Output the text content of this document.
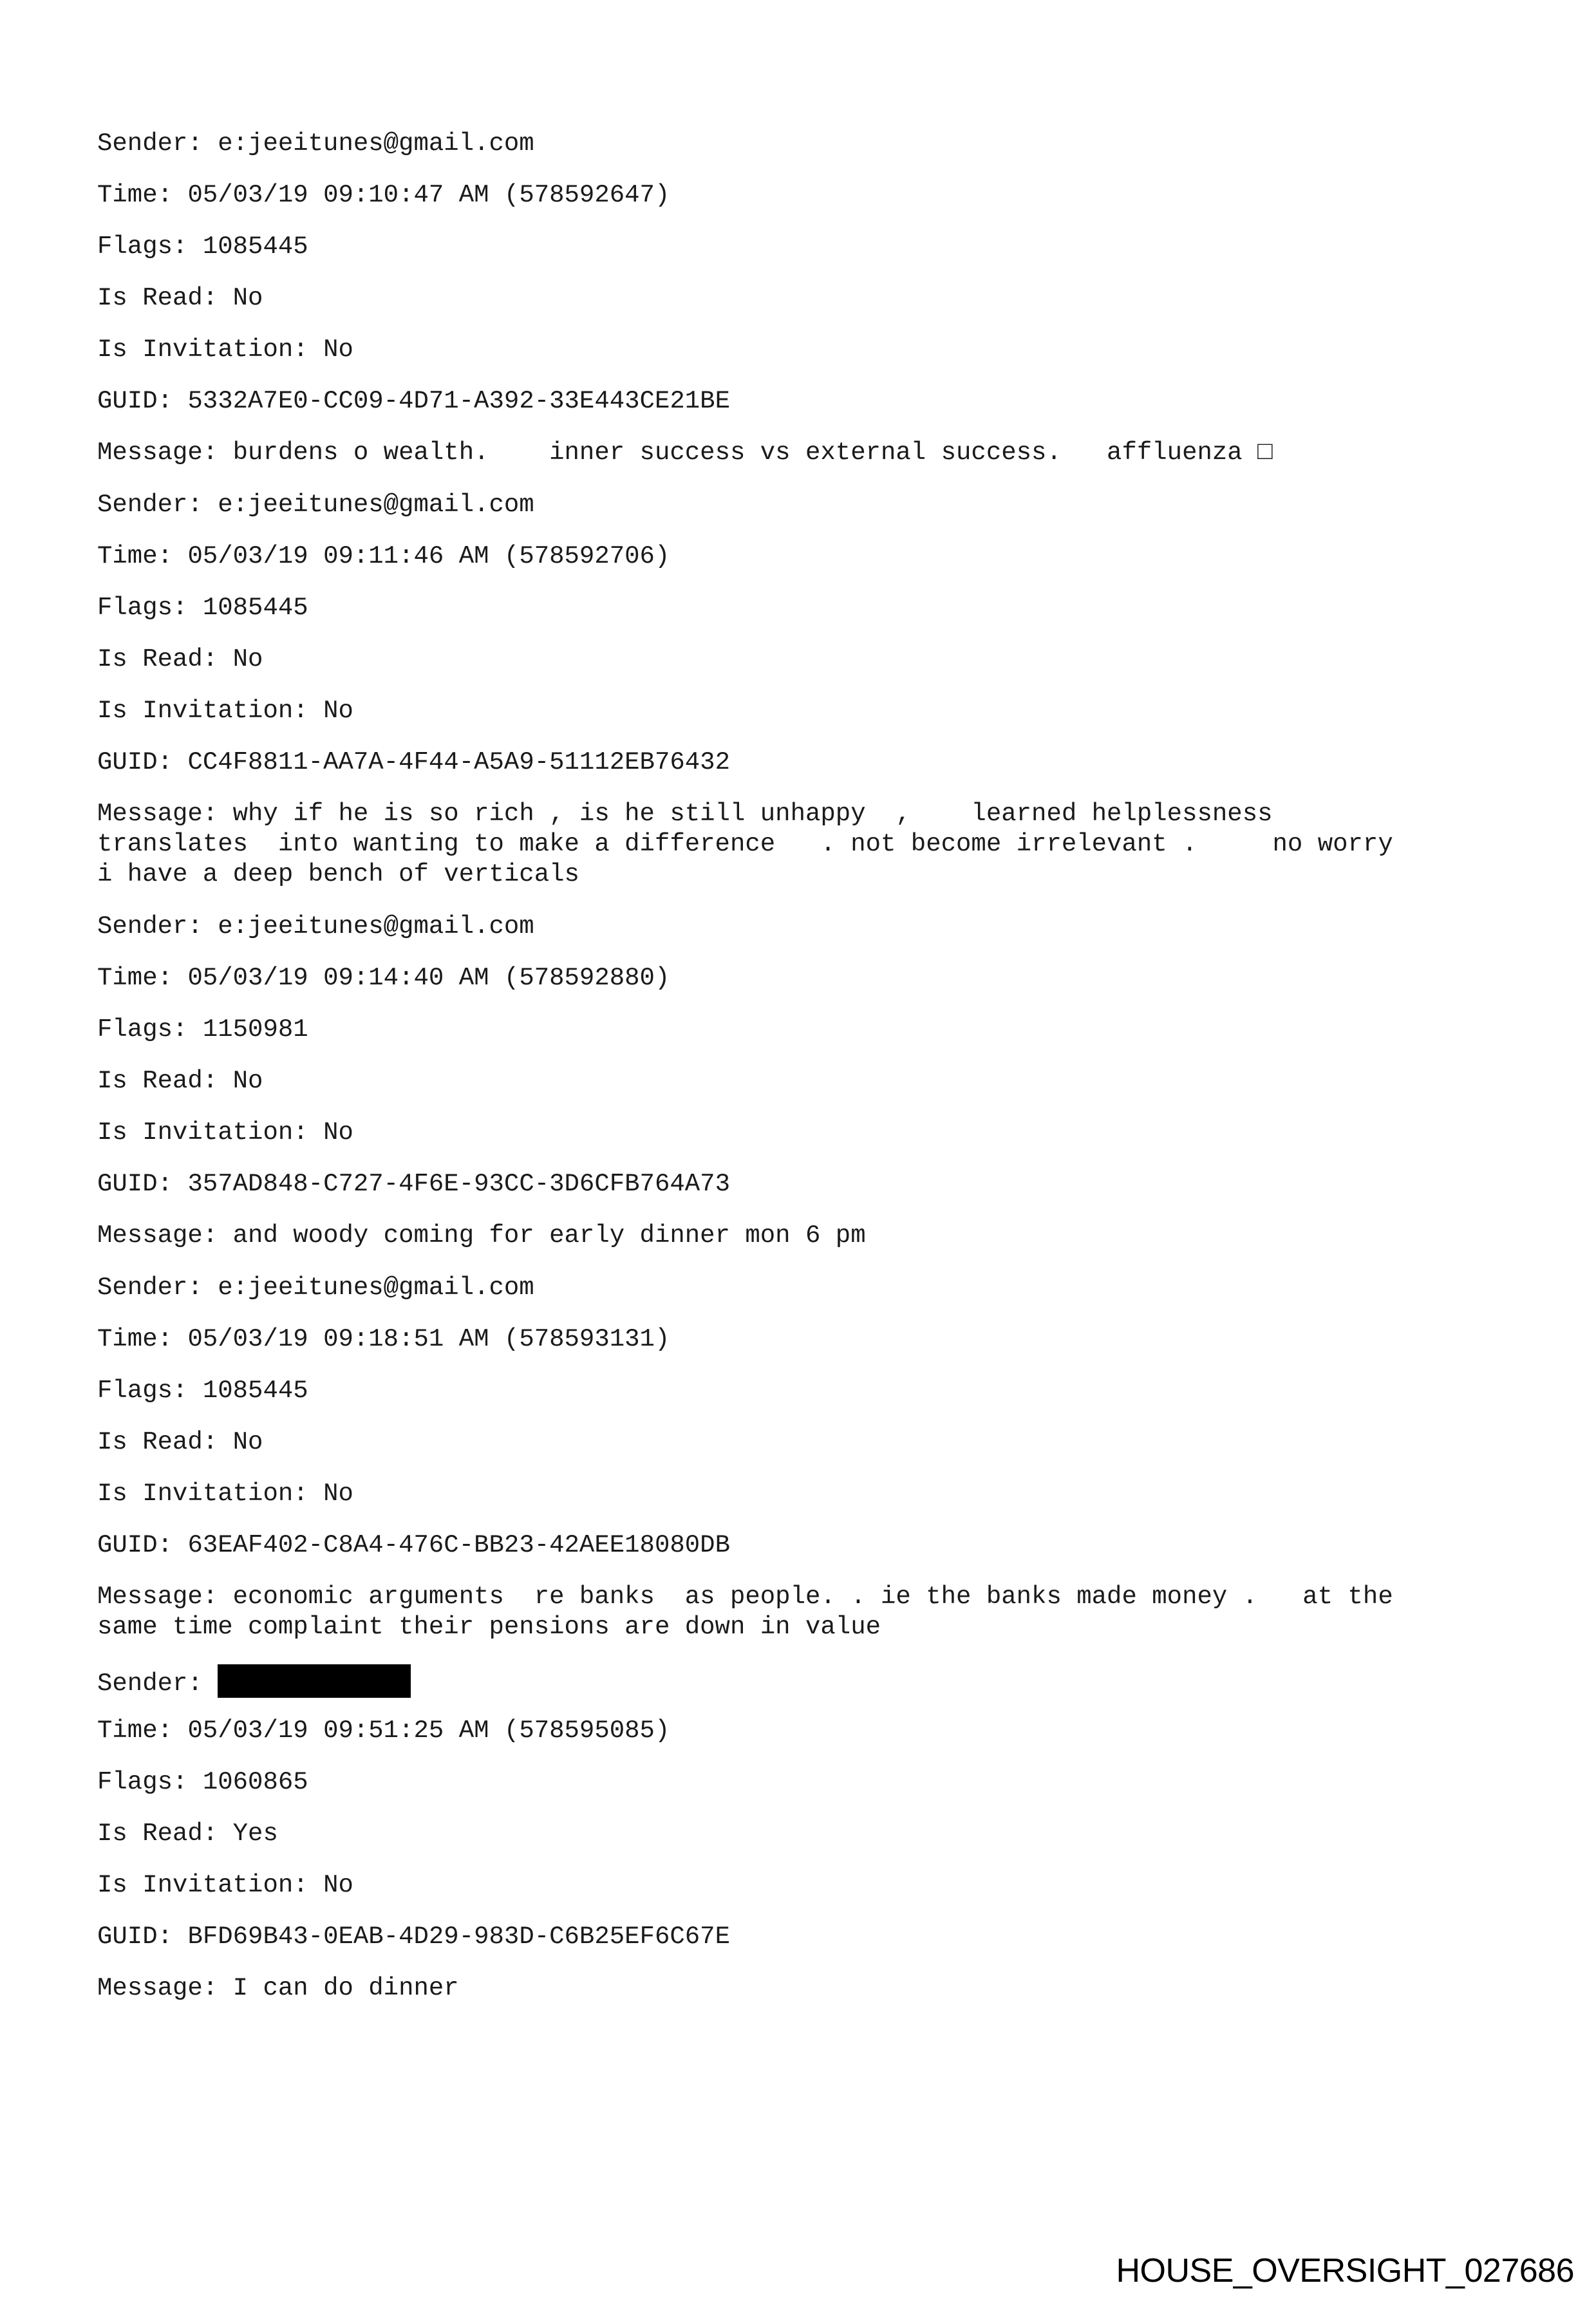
Sender: e:jeeitunes@gmail.com
Time: 05/03/19 09:10:47 AM (578592647)
Flags: 1085445
Is Read: No
Is Invitation: No
GUID: 5332A7E0-CC09-4D71-A392-33E443CE21BE
Message: burdens o wealth.    inner success vs external success.   affluenza □
Sender: e:jeeitunes@gmail.com
Time: 05/03/19 09:11:46 AM (578592706)
Flags: 1085445
Is Read: No
Is Invitation: No
GUID: CC4F8811-AA7A-4F44-A5A9-51112EB76432
Message: why if he is so rich , is he still unhappy  ,    learned helplessness
translates  into wanting to make a difference   . not become irrelevant .     no worry
i have a deep bench of verticals
Sender: e:jeeitunes@gmail.com
Time: 05/03/19 09:14:40 AM (578592880)
Flags: 1150981
Is Read: No
Is Invitation: No
GUID: 357AD848-C727-4F6E-93CC-3D6CFB764A73
Message: and woody coming for early dinner mon 6 pm
Sender: e:jeeitunes@gmail.com
Time: 05/03/19 09:18:51 AM (578593131)
Flags: 1085445
Is Read: No
Is Invitation: No
GUID: 63EAF402-C8A4-476C-BB23-42AEE18080DB
Message: economic arguments  re banks  as people. . ie the banks made money .   at the
same time complaint their pensions are down in value
Sender:
Time: 05/03/19 09:51:25 AM (578595085)
Flags: 1060865
Is Read: Yes
Is Invitation: No
GUID: BFD69B43-0EAB-4D29-983D-C6B25EF6C67E
Message: I can do dinner
HOUSE_OVERSIGHT_027686
